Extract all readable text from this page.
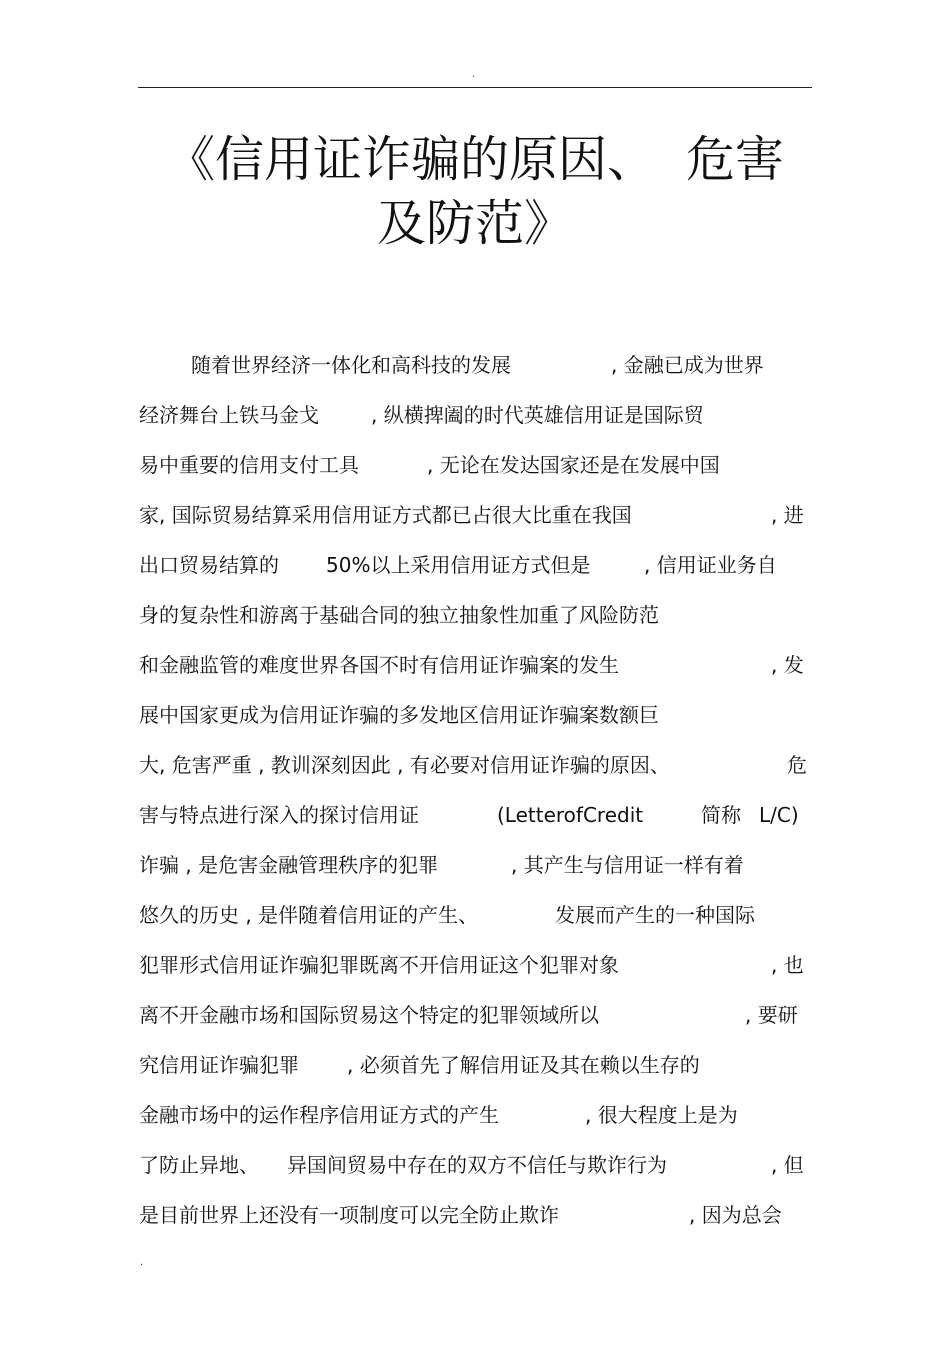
.
《信用证诈骗的原因、 危害
及防范》
随着世界经济一体化和高科技的发展	, 金融已成为世界
经济舞台上铁马金戈	, 纵横捭阖的时代英雄信用证是国际贸
易中重要的信用支付工具	, 无论在发达国家还是在发展中国
家, 国际贸易结算采用信用证方式都已占很大比重在我国	, 进
出口贸易结算的 50%以上采用信用证方式但是	, 信用证业务自
身的复杂性和游离于基础合同的独立抽象性加重了风险防范
和金融监管的难度世界各国不时有信用证诈骗案的发生	, 发
展中国家更成为信用证诈骗的多发地区信用证诈骗案数额巨
大, 危害严重 , 教训深刻因此 , 有必要对信用证诈骗的原因、	危
害与特点进行深入的探讨信用证	(LetterofCredit	简称 L/C)
诈骗 , 是危害金融管理秩序的犯罪	, 其产生与信用证一样有着
悠久的历史 , 是伴随着信用证的产生、	发展而产生的一种国际
犯罪形式信用证诈骗犯罪既离不开信用证这个犯罪对象	, 也
离不开金融市场和国际贸易这个特定的犯罪领域所以	, 要研
究信用证诈骗犯罪 , 必须首先了解信用证及其在赖以生存的
金融市场中的运作程序信用证方式的产生	, 很大程度上是为
了防止异地、 异国间贸易中存在的双方不信任与欺诈行为	, 但
是目前世界上还没有一项制度可以完全防止欺诈	, 因为总会
.
